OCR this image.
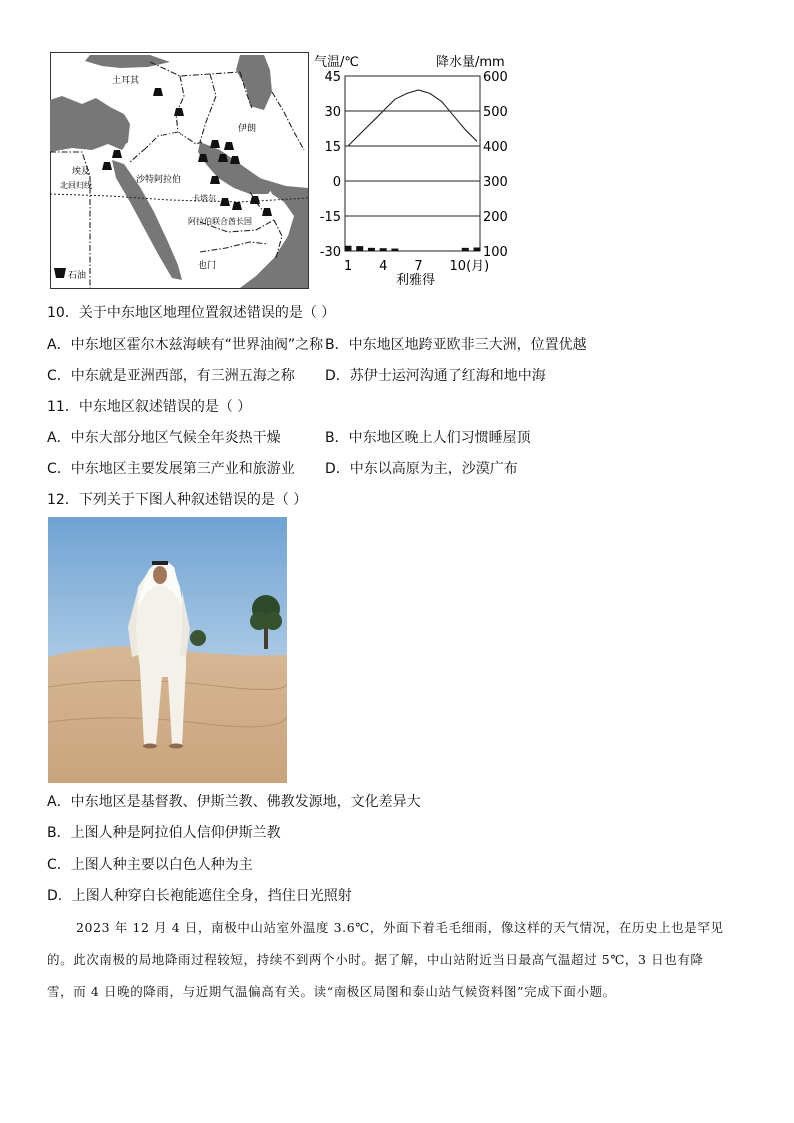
土耳其
伊拉克	伊朗
埃及
北回归线
约旦
沙特阿拉伯
卡塔尔
阿拉伯联合酋长国
阿曼
也门
石油
气温/℃	降水量/mm
45
30
15
0
-15
-30
600
500
400
300
200
100
1 4 7 10(月)
利雅得
10．关于中东地区地理位置叙述错误的是（ ）
A．中东地区霍尔木兹海峡有“世界油阀”之称 B．中东地区地跨亚欧非三大洲，位置优越
C．中东就是亚洲西部，有三洲五海之称 D．苏伊士运河沟通了红海和地中海
11．中东地区叙述错误的是（ ）
A．中东大部分地区气候全年炎热干燥	B．中东地区晚上人们习惯睡屋顶
C．中东地区主要发展第三产业和旅游业 D．中东以高原为主，沙漠广布
12．下列关于下图人种叙述错误的是（ ）
A．中东地区是基督教、伊斯兰教、佛教发源地，文化差异大
B．上图人种是阿拉伯人信仰伊斯兰教
C．上图人种主要以白色人种为主
D．上图人种穿白长袍能遮住全身，挡住日光照射
2023 年 12 月 4 日，南极中山站室外温度 3.6℃，外面下着毛毛细雨，像这样的天气情况，在历史上也是罕见
的。此次南极的局地降雨过程较短，持续不到两个小时。据了解，中山站附近当日最高气温超过 5℃，3 日也有降
雪，而 4 日晚的降雨，与近期气温偏高有关。读“南极区局图和泰山站气候资料图”完成下面小题。
